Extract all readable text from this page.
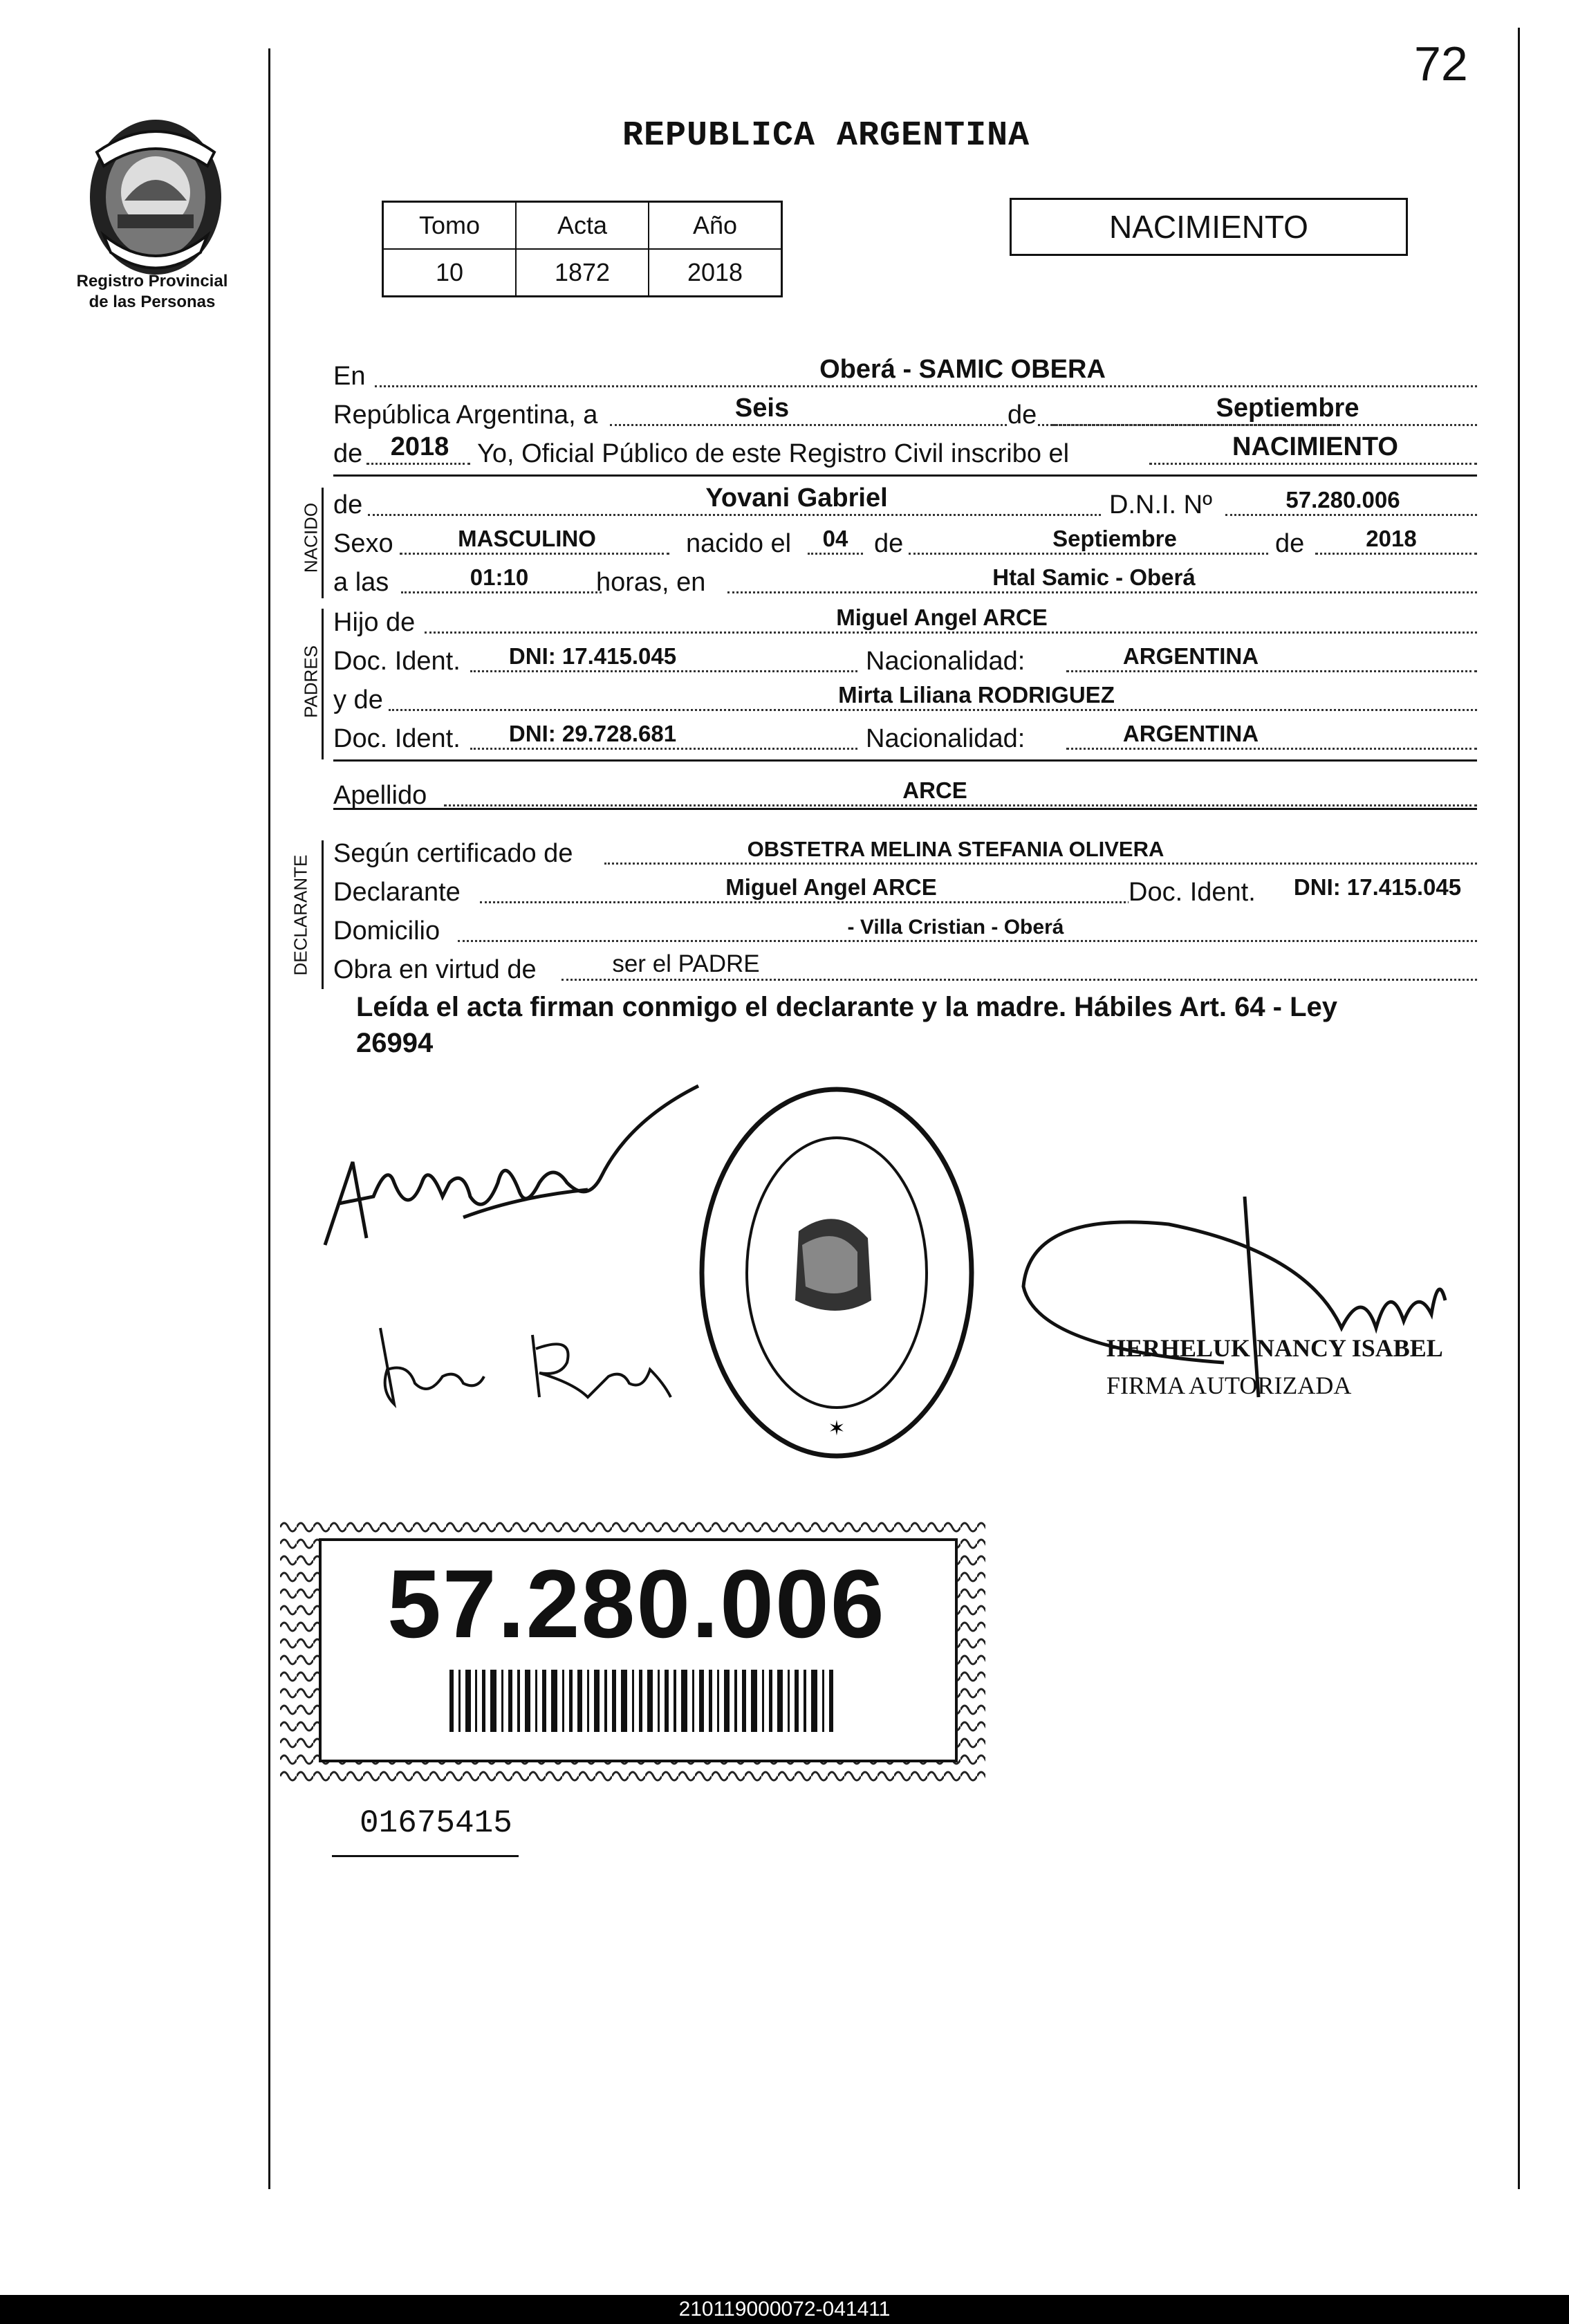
72
Registro Provincial
de las Personas
REPUBLICA ARGENTINA
Tomo	Acta	Año
10	1872	2018
NACIMIENTO
En	Oberá - SAMIC OBERA
República Argentina, a	Seis	de	Septiembre
de	2018	Yo, Oficial Público de este Registro Civil inscribo el	NACIMIENTO
NACIDO de	Yovani Gabriel	D.N.I. Nº	57.280.006
Sexo	MASCULINO	nacido el	04 de	Septiembre	de	2018
a las	01:10	horas, en	Htal Samic - Oberá
PADRES
Hijo de	Miguel Angel ARCE
Doc. Ident.	DNI: 17.415.045	Nacionalidad:	ARGENTINA
y de	Mirta Liliana RODRIGUEZ
Doc. Ident.	DNI: 29.728.681	Nacionalidad:	ARGENTINA
Apellido	ARCE
DECLARANTE
Según certificado de	OBSTETRA MELINA STEFANIA OLIVERA
Declarante	Miguel Angel ARCE	Doc. Ident.	DNI: 17.415.045
Domicilio	- Villa Cristian - Oberá
Obra en virtud de	ser el PADRE
Leída el acta firman conmigo el declarante y la madre. Hábiles Art. 64 - Ley
26994
✶
HERHELUK NANCY ISABEL
FIRMA AUTORIZADA
57.280.006
01675415
210119000072-041411
